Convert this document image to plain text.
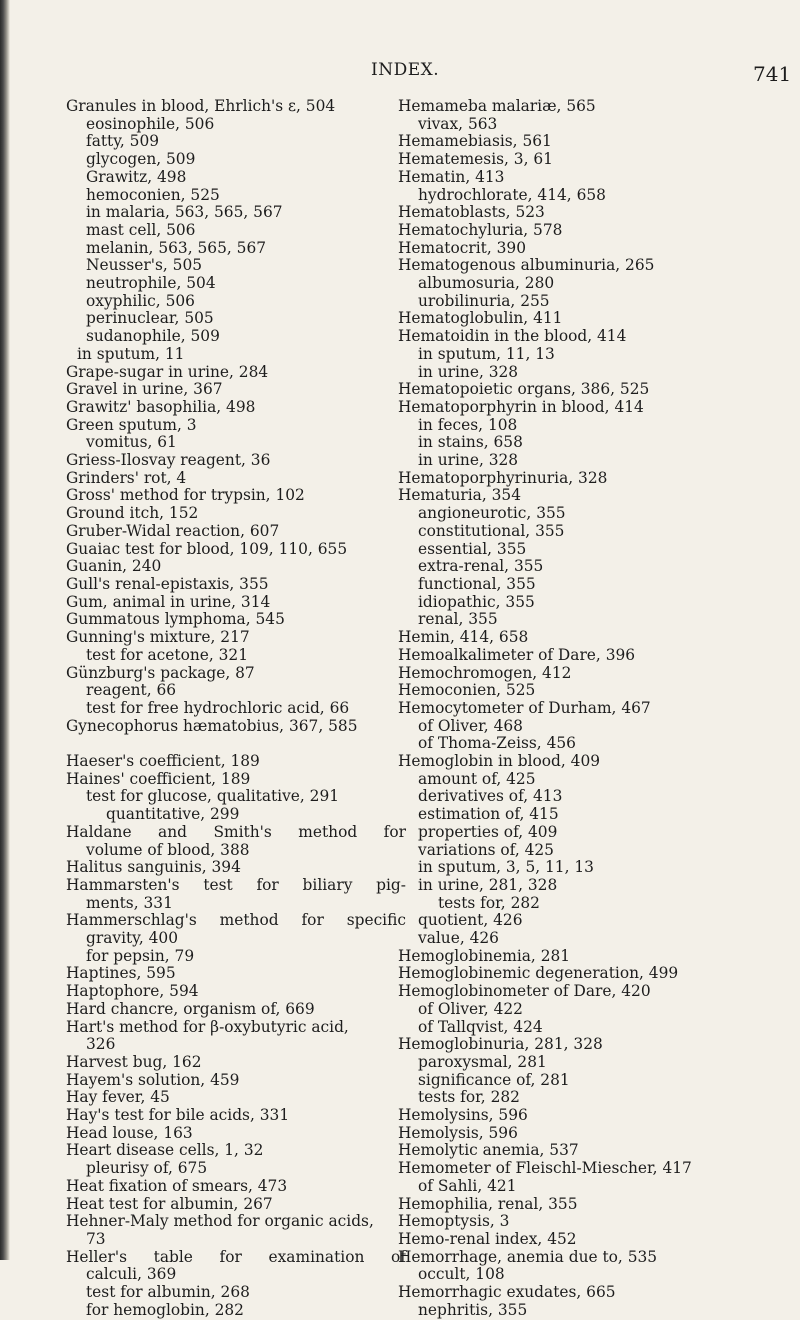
INDEX.	741
Granules in blood, Ehrlich's ε, 504
eosinophile, 506
fatty, 509
glycogen, 509
Grawitz, 498
hemoconien, 525
in malaria, 563, 565, 567
mast cell, 506
melanin, 563, 565, 567
Neusser's, 505
neutrophile, 504
oxyphilic, 506
perinuclear, 505
sudanophile, 509
in sputum, 11
Grape-sugar in urine, 284
Gravel in urine, 367
Grawitz' basophilia, 498
Green sputum, 3
vomitus, 61
Griess-Ilosvay reagent, 36
Grinders' rot, 4
Gross' method for trypsin, 102
Ground itch, 152
Gruber-Widal reaction, 607
Guaiac test for blood, 109, 110, 655
Guanin, 240
Gull's renal-epistaxis, 355
Gum, animal in urine, 314
Gummatous lymphoma, 545
Gunning's mixture, 217
test for acetone, 321
Günzburg's package, 87
reagent, 66
test for free hydrochloric acid, 66
Gynecophorus hæmatobius, 367, 585
Haeser's coefficient, 189
Haines' coefficient, 189
test for glucose, qualitative, 291
quantitative, 299
Haldane and Smith's method for
volume of blood, 388
Halitus sanguinis, 394
Hammarsten's test for biliary pig-
ments, 331
Hammerschlag's method for specific
gravity, 400
for pepsin, 79
Haptines, 595
Haptophore, 594
Hard chancre, organism of, 669
Hart's method for β-oxybutyric acid,
326
Harvest bug, 162
Hayem's solution, 459
Hay fever, 45
Hay's test for bile acids, 331
Head louse, 163
Heart disease cells, 1, 32
pleurisy of, 675
Heat fixation of smears, 473
Heat test for albumin, 267
Hehner-Maly method for organic acids,
73
Heller's table for examination of
calculi, 369
test for albumin, 268
for hemoglobin, 282
Hemameba malariæ, 565
vivax, 563
Hemamebiasis, 561
Hematemesis, 3, 61
Hematin, 413
hydrochlorate, 414, 658
Hematoblasts, 523
Hematochyluria, 578
Hematocrit, 390
Hematogenous albuminuria, 265
albumosuria, 280
urobilinuria, 255
Hematoglobulin, 411
Hematoidin in the blood, 414
in sputum, 11, 13
in urine, 328
Hematopoietic organs, 386, 525
Hematoporphyrin in blood, 414
in feces, 108
in stains, 658
in urine, 328
Hematoporphyrinuria, 328
Hematuria, 354
angioneurotic, 355
constitutional, 355
essential, 355
extra-renal, 355
functional, 355
idiopathic, 355
renal, 355
Hemin, 414, 658
Hemoalkalimeter of Dare, 396
Hemochromogen, 412
Hemoconien, 525
Hemocytometer of Durham, 467
of Oliver, 468
of Thoma-Zeiss, 456
Hemoglobin in blood, 409
amount of, 425
derivatives of, 413
estimation of, 415
properties of, 409
variations of, 425
in sputum, 3, 5, 11, 13
in urine, 281, 328
tests for, 282
quotient, 426
value, 426
Hemoglobinemia, 281
Hemoglobinemic degeneration, 499
Hemoglobinometer of Dare, 420
of Oliver, 422
of Tallqvist, 424
Hemoglobinuria, 281, 328
paroxysmal, 281
significance of, 281
tests for, 282
Hemolysins, 596
Hemolysis, 596
Hemolytic anemia, 537
Hemometer of Fleischl-Miescher, 417
of Sahli, 421
Hemophilia, renal, 355
Hemoptysis, 3
Hemo-renal index, 452
Hemorrhage, anemia due to, 535
occult, 108
Hemorrhagic exudates, 665
nephritis, 355
